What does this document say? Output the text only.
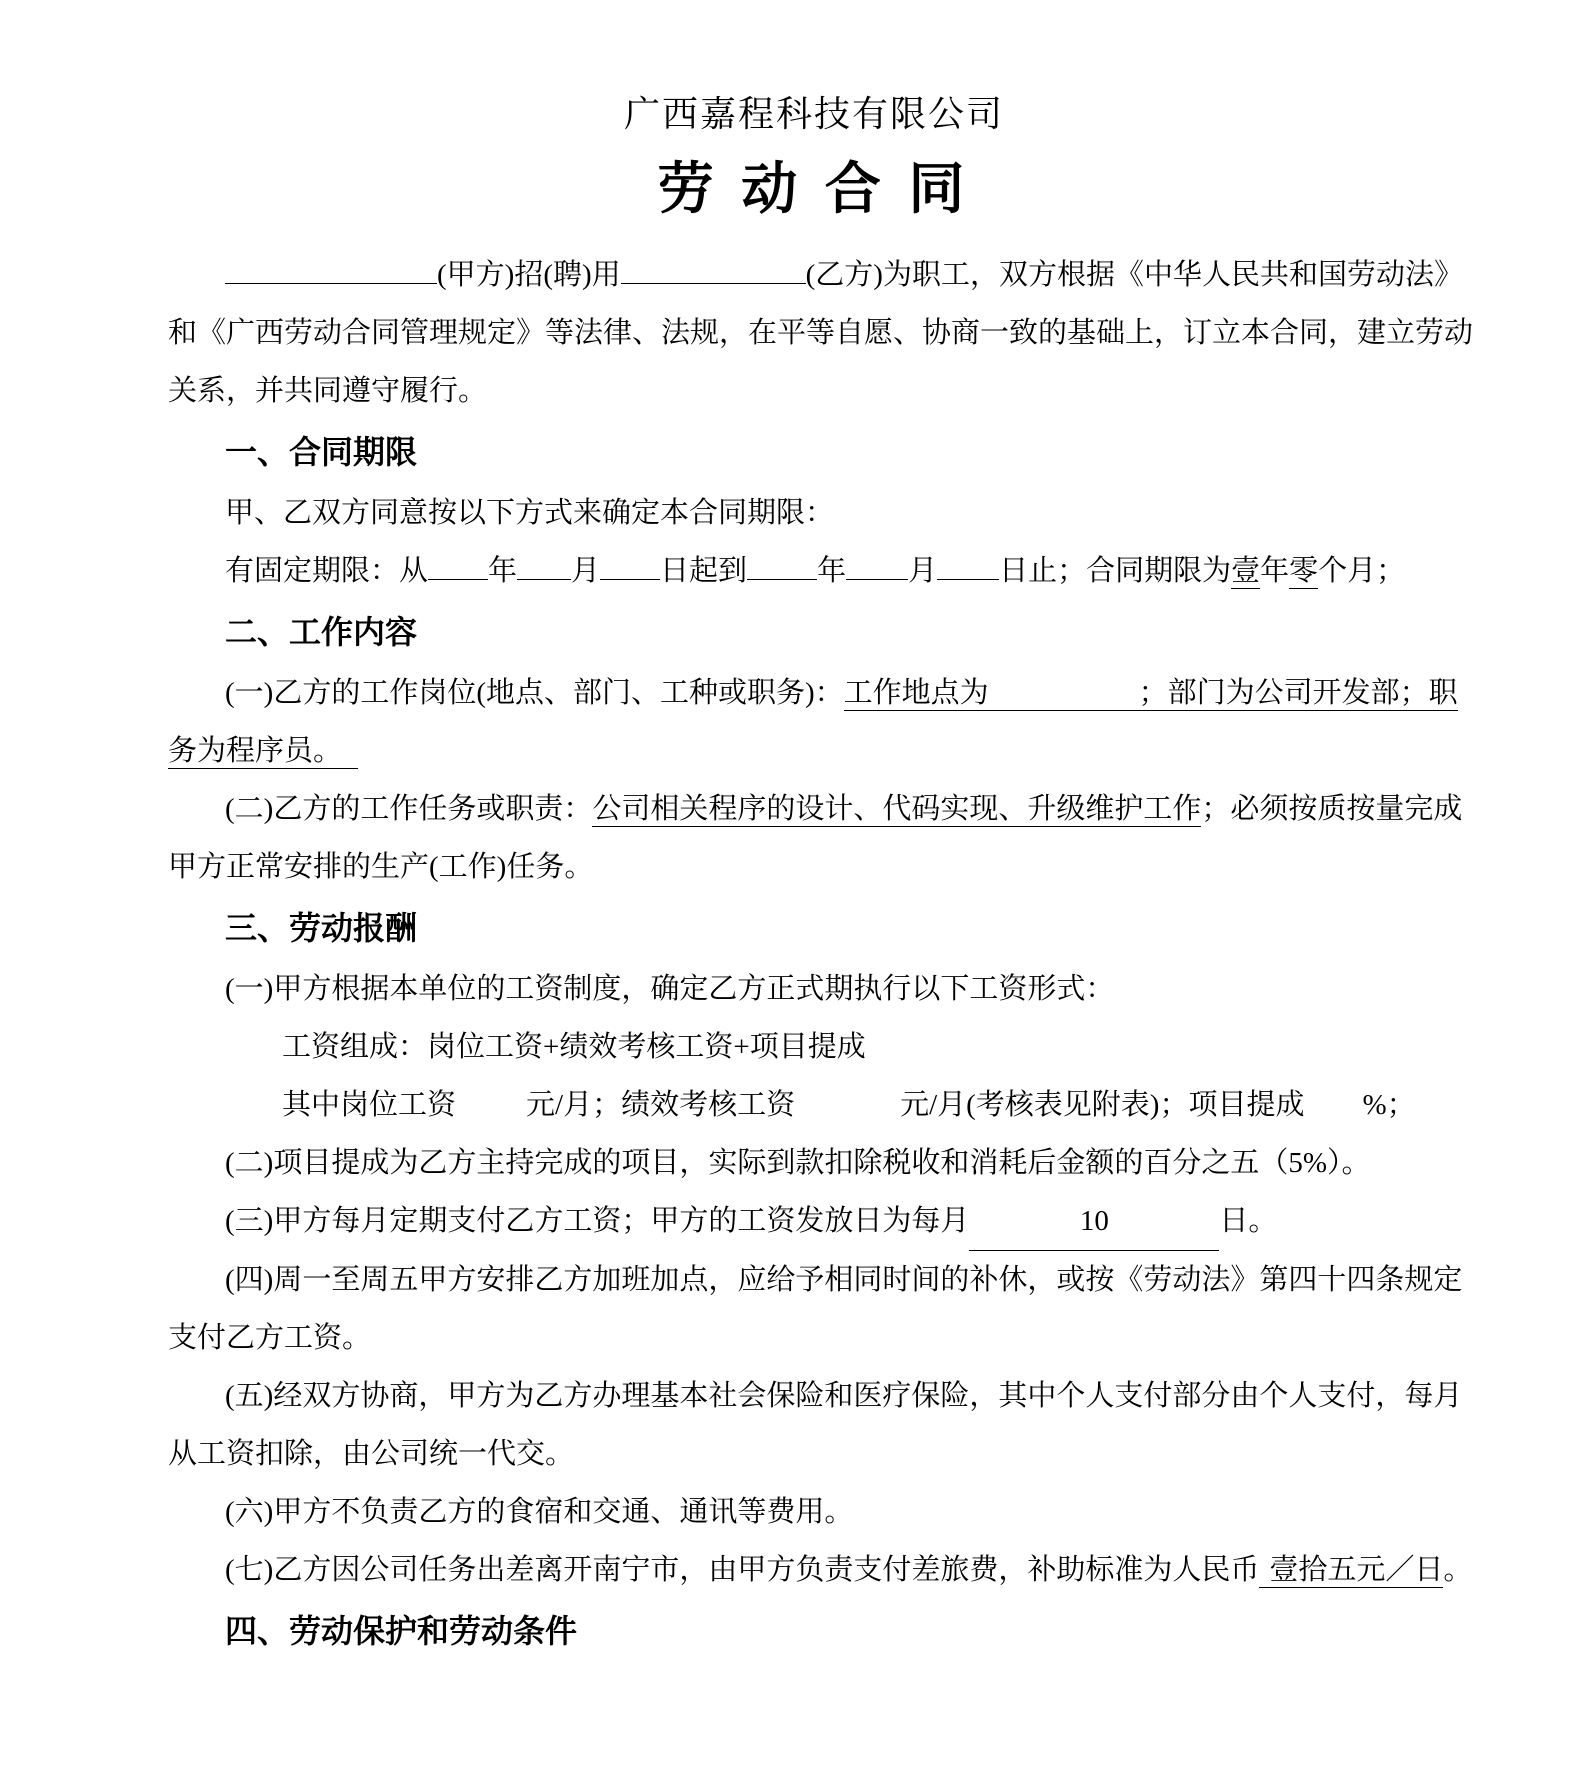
广西嘉程科技有限公司
劳 动 合 同
(甲方)招(聘)用	(乙方)为职工，双方根据《中华人民共和国劳动法》
和《广西劳动合同管理规定》等法律、法规，在平等自愿、协商一致的基础上，订立本合同，建立劳动
关系，并共同遵守履行。
一、合同期限
甲、乙双方同意按以下方式来确定本合同期限：
有固定期限：从 年 月 日起到 年 月 日止；合同期限为壹年零个月；
二、工作内容
(一)乙方的工作岗位(地点、部门、工种或职务)：工作地点为	；部门为公司开发部；职
务为程序员。
(二)乙方的工作任务或职责：公司相关程序的设计、代码实现、升级维护工作；必须按质按量完成
甲方正常安排的生产(工作)任务。
三、劳动报酬
(一)甲方根据本单位的工资制度，确定乙方正式期执行以下工资形式：
工资组成：岗位工资+绩效考核工资+项目提成
其中岗位工资 元/月；绩效考核工资	元/月(考核表见附表)；项目提成 %；
(二)项目提成为乙方主持完成的项目，实际到款扣除税收和消耗后金额的百分之五（5%）。
(三)甲方每月定期支付乙方工资；甲方的工资发放日为每月	10	日。
(四)周一至周五甲方安排乙方加班加点，应给予相同时间的补休，或按《劳动法》第四十四条规定
支付乙方工资。
(五)经双方协商，甲方为乙方办理基本社会保险和医疗保险，其中个人支付部分由个人支付，每月
从工资扣除，由公司统一代交。
(六)甲方不负责乙方的食宿和交通、通讯等费用。
(七)乙方因公司任务出差离开南宁市，由甲方负责支付差旅费，补助标准为人民币 壹拾五元／日。
四、劳动保护和劳动条件
